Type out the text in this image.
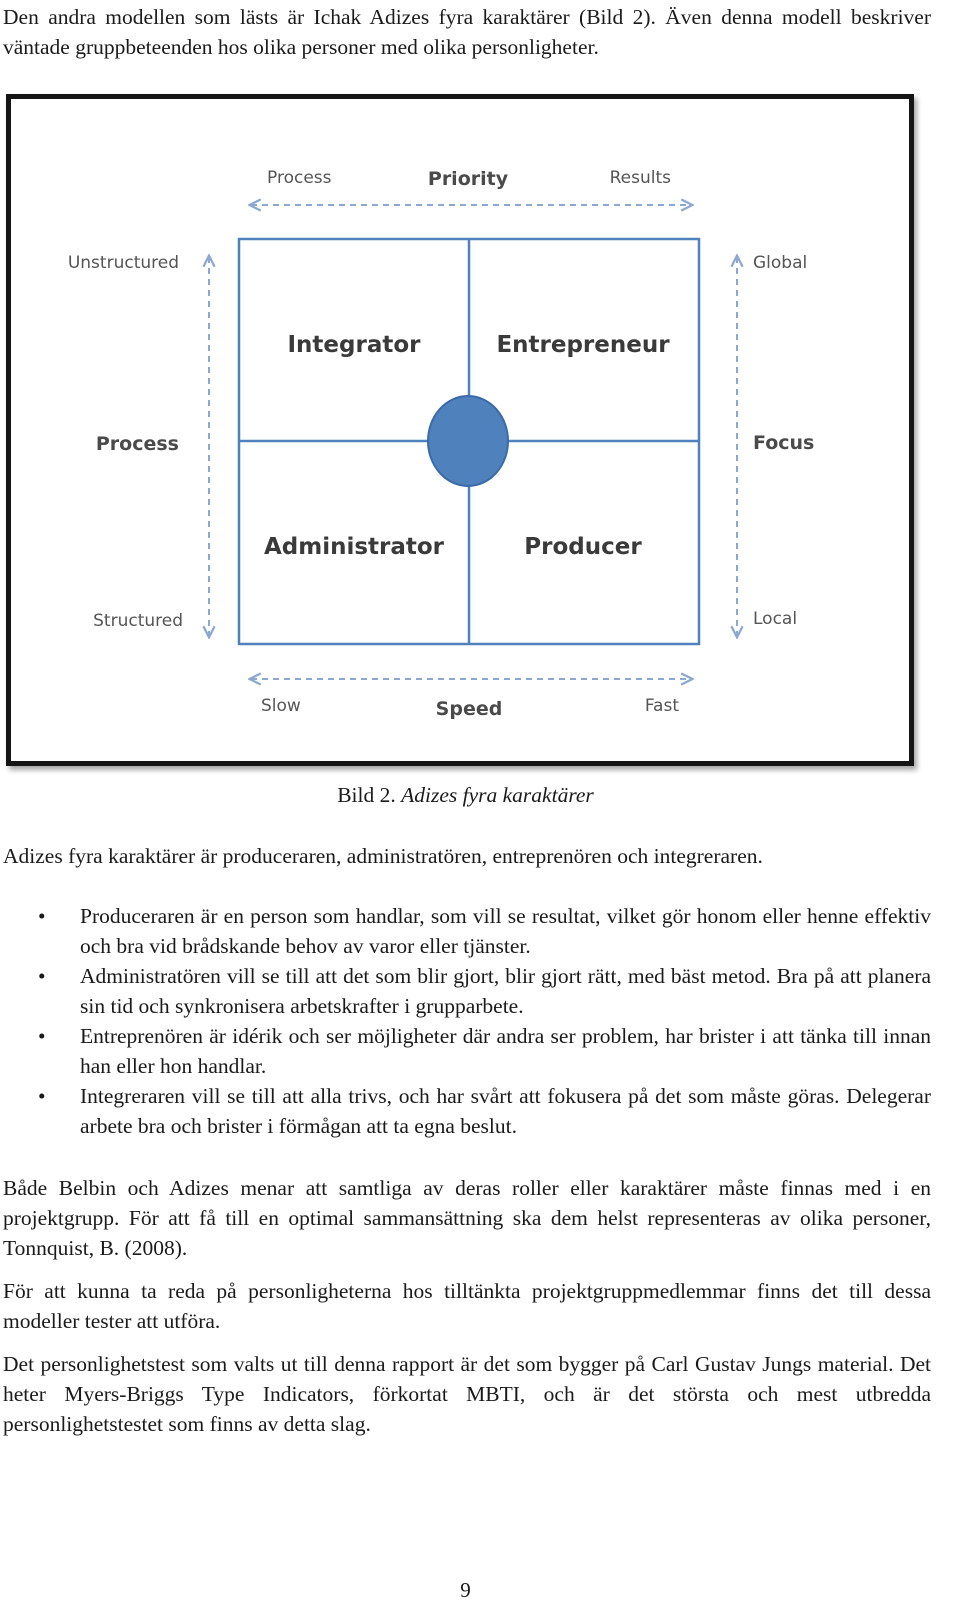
Den andra modellen som lästs är Ichak Adizes fyra karaktärer (Bild 2). Även denna modell beskriver väntade gruppbeteenden hos olika personer med olika personligheter.

Process	Priority	Results
Unstructured
Process
Structured
Global
Focus
Local
Integrator	Entrepreneur
Administrator	Producer
Slow	Speed	Fast
Bild 2. Adizes fyra karaktärer

Adizes fyra karaktärer är produceraren, administratören, entreprenören och integreraren.

• Produceraren är en person som handlar, som vill se resultat, vilket gör honom eller henne effektiv och bra vid brådskande behov av varor eller tjänster.
• Administratören vill se till att det som blir gjort, blir gjort rätt, med bäst metod. Bra på att planera sin tid och synkronisera arbetskrafter i grupparbete.
• Entreprenören är idérik och ser möjligheter där andra ser problem, har brister i att tänka till innan han eller hon handlar.
• Integreraren vill se till att alla trivs, och har svårt att fokusera på det som måste göras. Delegerar arbete bra och brister i förmågan att ta egna beslut.

Både Belbin och Adizes menar att samtliga av deras roller eller karaktärer måste finnas med i en projektgrupp. För att få till en optimal sammansättning ska dem helst representeras av olika personer, Tonnquist, B. (2008).

För att kunna ta reda på personligheterna hos tilltänkta projektgruppmedlemmar finns det till dessa modeller tester att utföra.

Det personlighetstest som valts ut till denna rapport är det som bygger på Carl Gustav Jungs material. Det heter Myers-Briggs Type Indicators, förkortat MBTI, och är det största och mest utbredda personlighetstestet som finns av detta slag.

9
